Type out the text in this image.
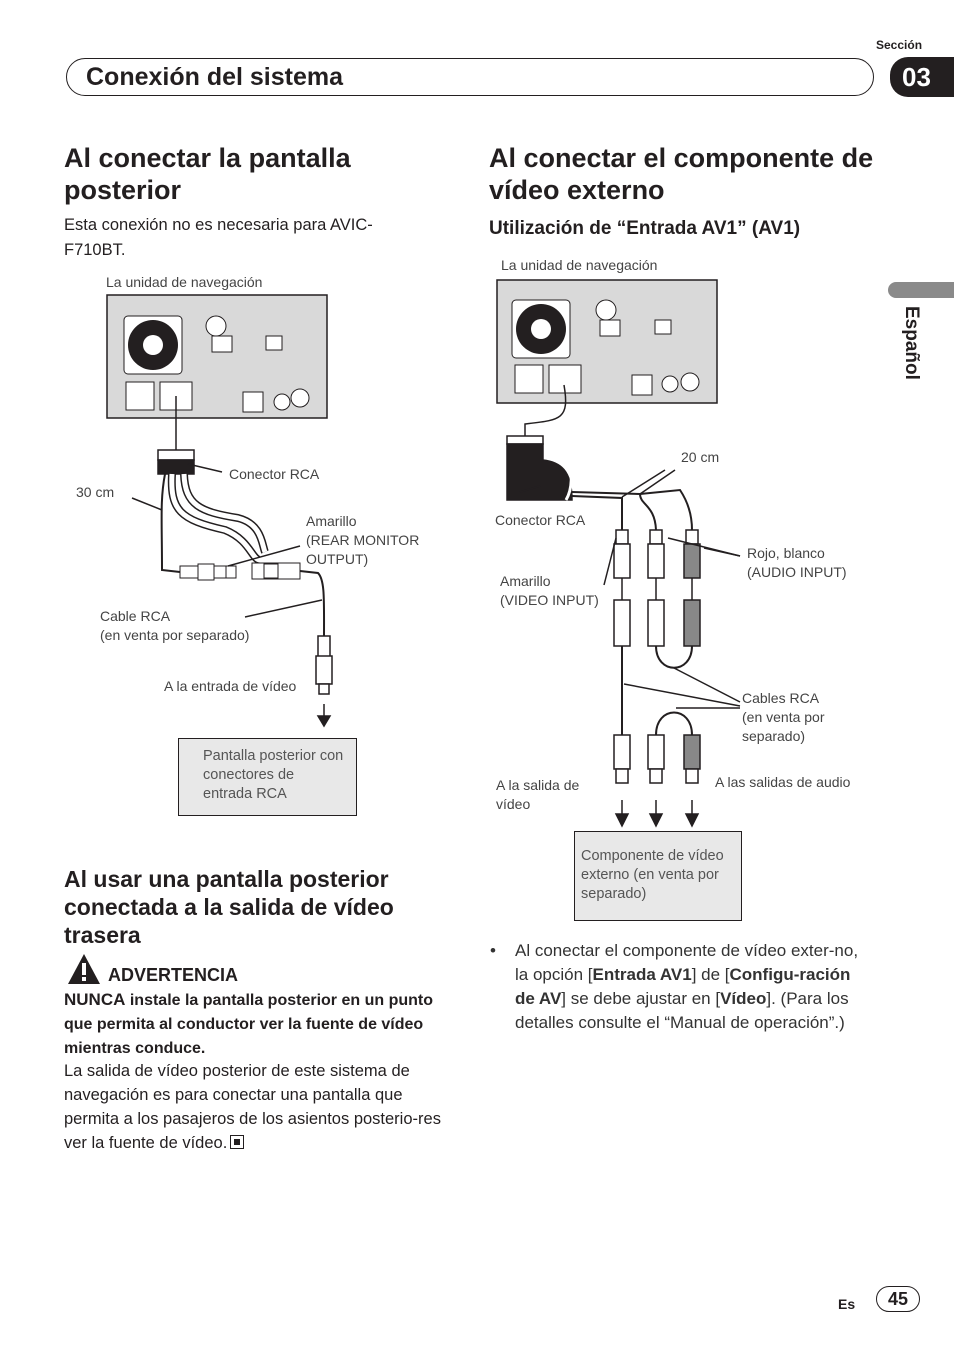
Sección
Conexión del sistema	03
Español
Al conectar la pantalla posterior
Esta conexión no es necesaria para AVIC-F710BT.
La unidad de navegación
Conector RCA
30 cm
Amarillo
(REAR MONITOR OUTPUT)
Cable RCA
(en venta por separado)
A la entrada de vídeo
Pantalla posterior con conectores de entrada RCA
Al usar una pantalla posterior conectada a la salida de vídeo trasera
ADVERTENCIA
NUNCA instale la pantalla posterior en un punto que permita al conductor ver la fuente de vídeo mientras conduce.
La salida de vídeo posterior de este sistema de navegación es para conectar una pantalla que permita a los pasajeros de los asientos posterio-res ver la fuente de vídeo.
Al conectar el componente de vídeo externo
Utilización de “Entrada AV1” (AV1)
La unidad de navegación
20 cm
Conector RCA
Rojo, blanco
(AUDIO INPUT)
Amarillo
(VIDEO INPUT)
Cables RCA
(en venta por
separado)
A la salida de
vídeo
A las salidas de audio
Componente de vídeo externo (en venta por separado)
• Al conectar el componente de vídeo exter-no, la opción [Entrada AV1] de [Configu-ración de AV] se debe ajustar en [Vídeo]. (Para los detalles consulte el “Manual de operación”.)
Es	45
